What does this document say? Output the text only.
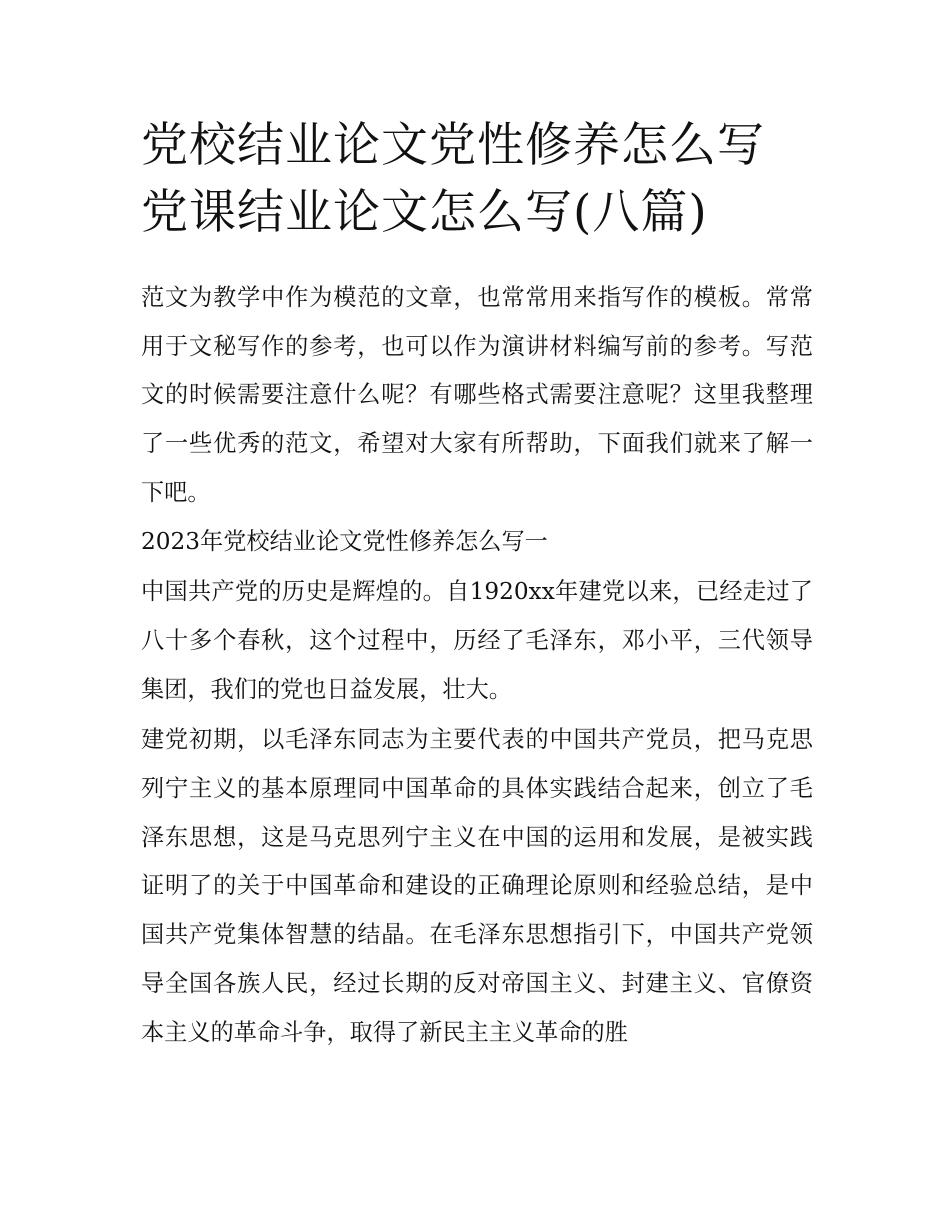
党校结业论文党性修养怎么写
党课结业论文怎么写(八篇)

范文为教学中作为模范的文章，也常常用来指写作的模板。常常用于文秘写作的参考，也可以作为演讲材料编写前的参考。写范文的时候需要注意什么呢？有哪些格式需要注意呢？这里我整理了一些优秀的范文，希望对大家有所帮助，下面我们就来了解一下吧。

2023年党校结业论文党性修养怎么写一

中国共产党的历史是辉煌的。自1920xx年建党以来，已经走过了八十多个春秋，这个过程中，历经了毛泽东，邓小平，三代领导集团，我们的党也日益发展，壮大。

建党初期，以毛泽东同志为主要代表的中国共产党员，把马克思列宁主义的基本原理同中国革命的具体实践结合起来，创立了毛泽东思想，这是马克思列宁主义在中国的运用和发展，是被实践证明了的关于中国革命和建设的正确理论原则和经验总结，是中国共产党集体智慧的结晶。在毛泽东思想指引下，中国共产党领导全国各族人民，经过长期的反对帝国主义、封建主义、官僚资本主义的革命斗争，取得了新民主主义革命的胜
